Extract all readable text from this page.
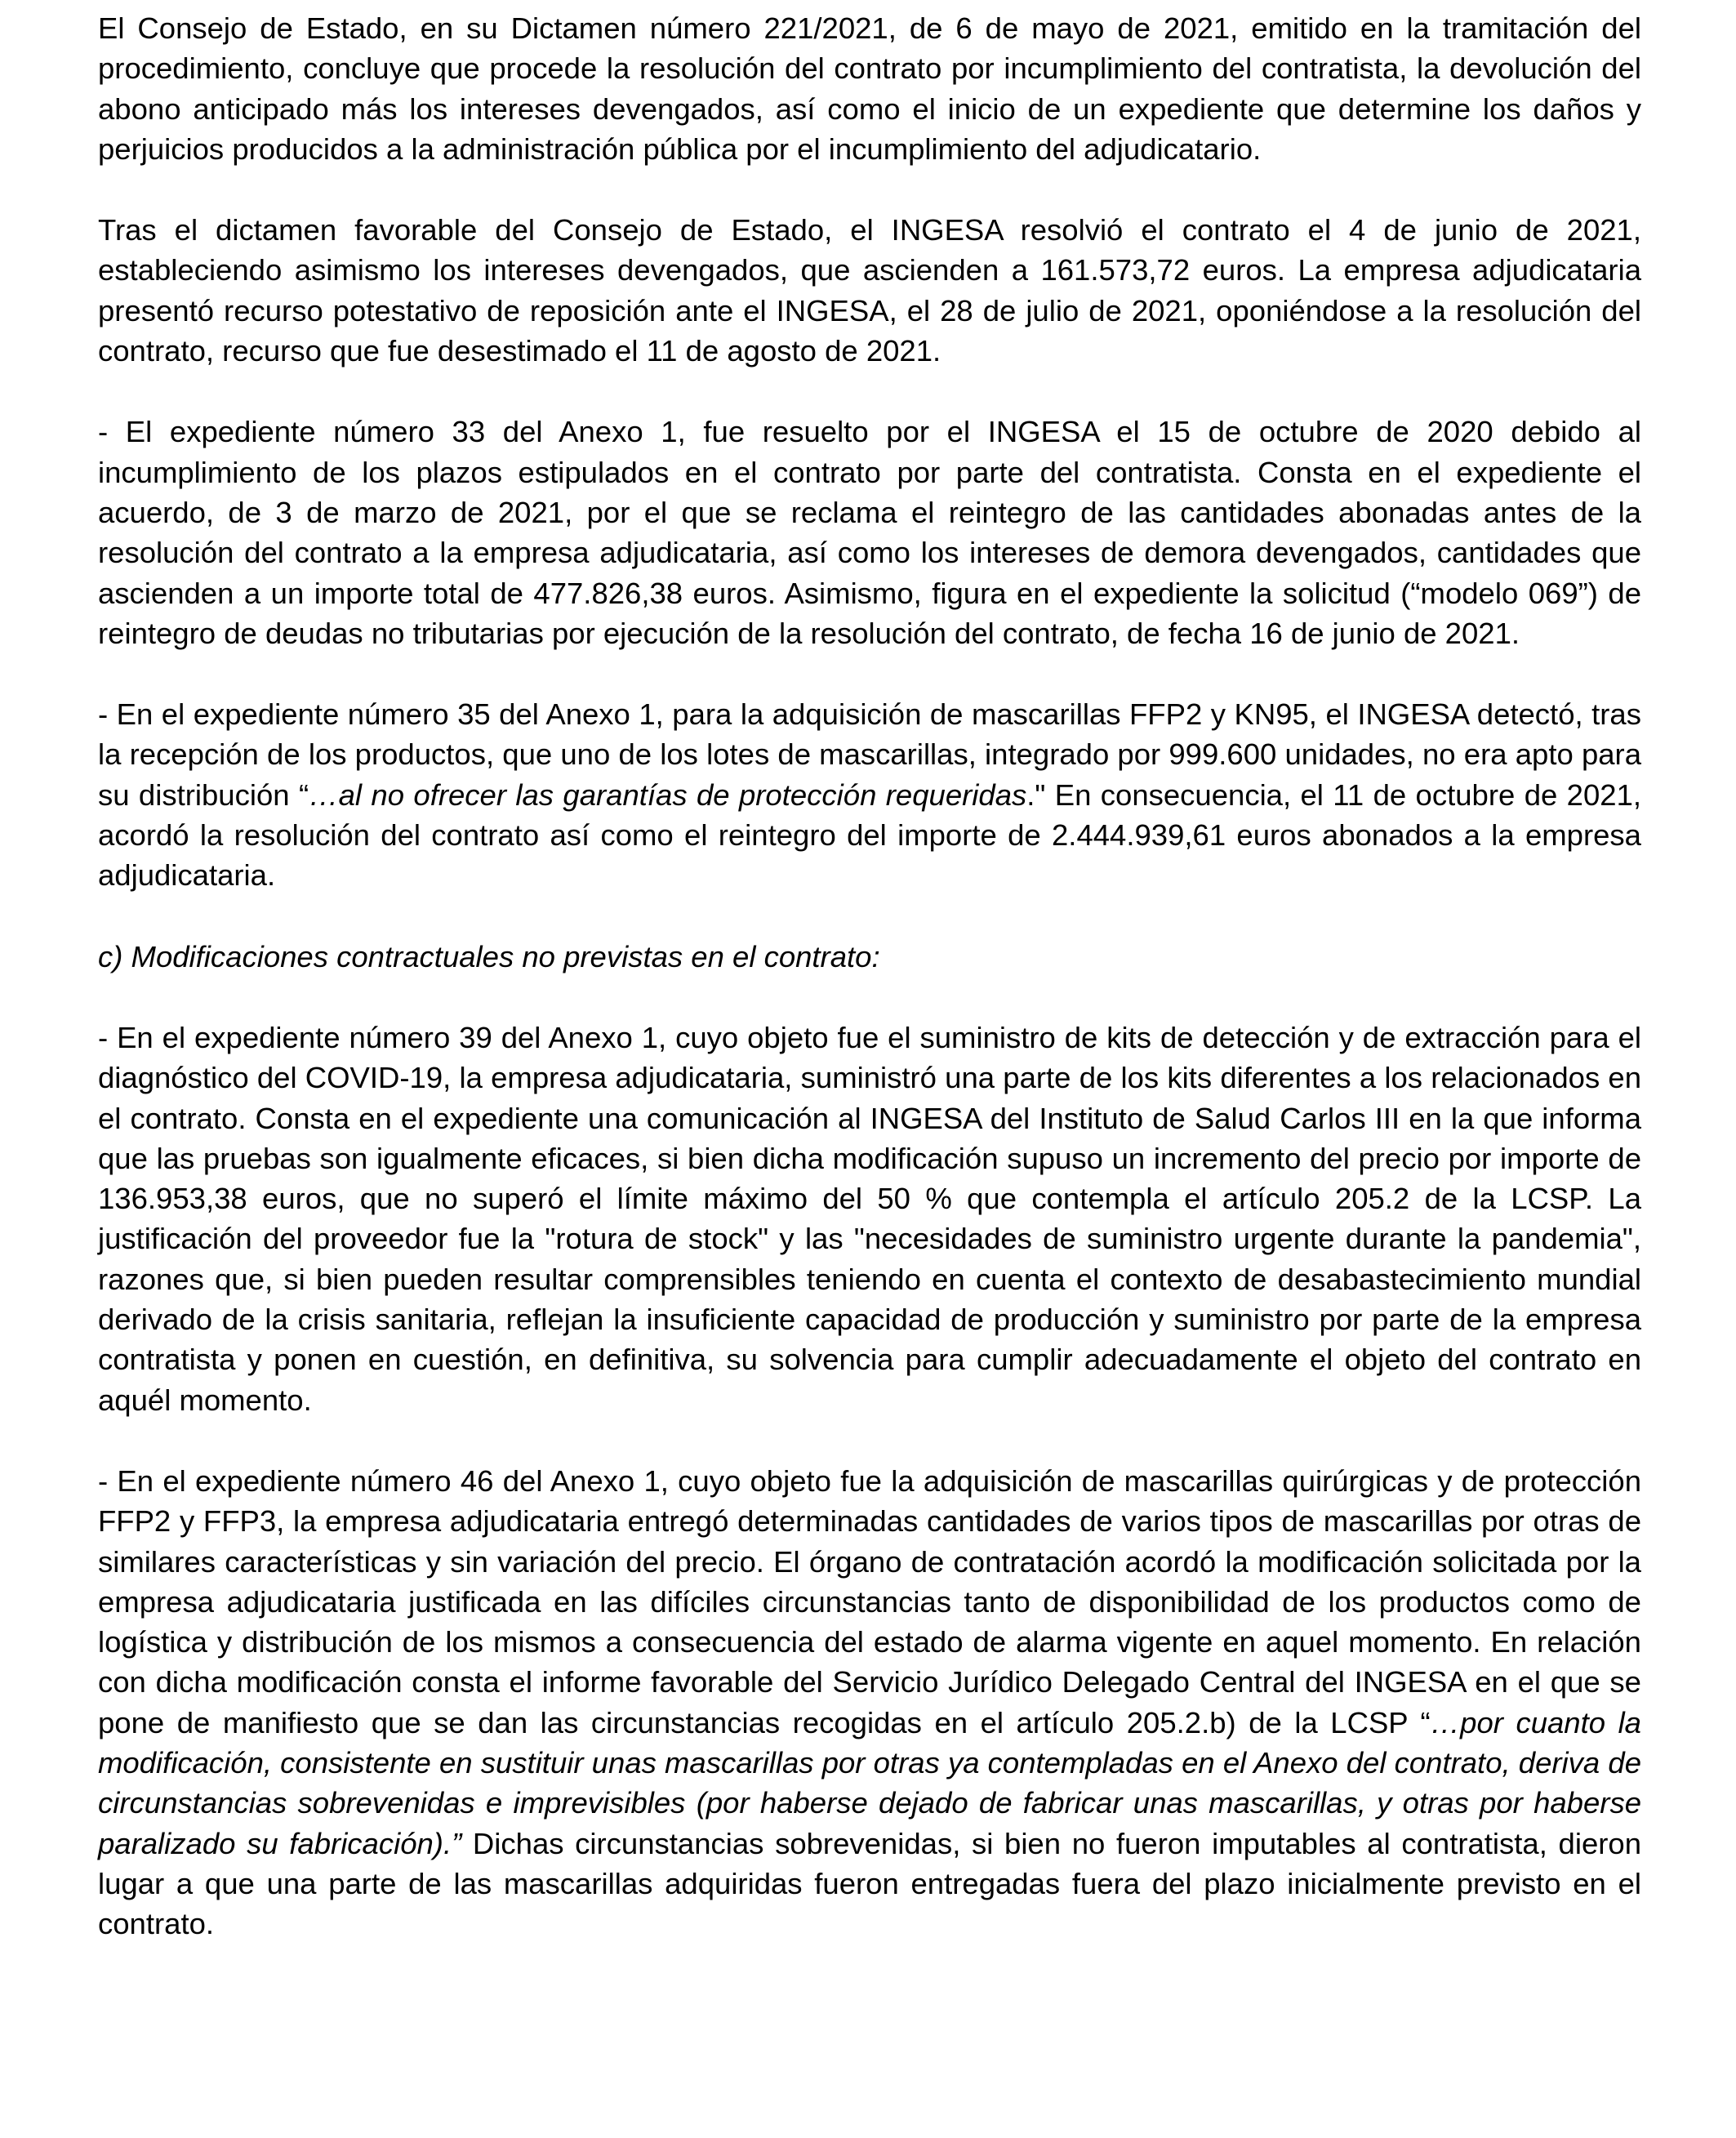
El Consejo de Estado, en su Dictamen número 221/2021, de 6 de mayo de 2021, emitido en la tramitación del procedimiento, concluye que procede la resolución del contrato por incumplimiento del contratista, la devolución del abono anticipado más los intereses devengados, así como el inicio de un expediente que determine los daños y perjuicios producidos a la administración pública por el incumplimiento del adjudicatario.

Tras el dictamen favorable del Consejo de Estado, el INGESA resolvió el contrato el 4 de junio de 2021, estableciendo asimismo los intereses devengados, que ascienden a 161.573,72 euros. La empresa adjudicataria presentó recurso potestativo de reposición ante el INGESA, el 28 de julio de 2021, oponiéndose a la resolución del contrato, recurso que fue desestimado el 11 de agosto de 2021.

- El expediente número 33 del Anexo 1, fue resuelto por el INGESA el 15 de octubre de 2020 debido al incumplimiento de los plazos estipulados en el contrato por parte del contratista. Consta en el expediente el acuerdo, de 3 de marzo de 2021, por el que se reclama el reintegro de las cantidades abonadas antes de la resolución del contrato a la empresa adjudicataria, así como los intereses de demora devengados, cantidades que ascienden a un importe total de 477.826,38 euros. Asimismo, figura en el expediente la solicitud (“modelo 069”) de reintegro de deudas no tributarias por ejecución de la resolución del contrato, de fecha 16 de junio de 2021.

- En el expediente número 35 del Anexo 1, para la adquisición de mascarillas FFP2 y KN95, el INGESA detectó, tras la recepción de los productos, que uno de los lotes de mascarillas, integrado por 999.600 unidades, no era apto para su distribución “…al no ofrecer las garantías de protección requeridas." En consecuencia, el 11 de octubre de 2021, acordó la resolución del contrato así como el reintegro del importe de 2.444.939,61 euros abonados a la empresa adjudicataria.

c) Modificaciones contractuales no previstas en el contrato:

- En el expediente número 39 del Anexo 1, cuyo objeto fue el suministro de kits de detección y de extracción para el diagnóstico del COVID-19, la empresa adjudicataria, suministró una parte de los kits diferentes a los relacionados en el contrato. Consta en el expediente una comunicación al INGESA del Instituto de Salud Carlos III en la que informa que las pruebas son igualmente eficaces, si bien dicha modificación supuso un incremento del precio por importe de 136.953,38 euros, que no superó el límite máximo del 50 % que contempla el artículo 205.2 de la LCSP. La justificación del proveedor fue la "rotura de stock" y las "necesidades de suministro urgente durante la pandemia", razones que, si bien pueden resultar comprensibles teniendo en cuenta el contexto de desabastecimiento mundial derivado de la crisis sanitaria, reflejan la insuficiente capacidad de producción y suministro por parte de la empresa contratista y ponen en cuestión, en definitiva, su solvencia para cumplir adecuadamente el objeto del contrato en aquél momento.

- En el expediente número 46 del Anexo 1, cuyo objeto fue la adquisición de mascarillas quirúrgicas y de protección FFP2 y FFP3, la empresa adjudicataria entregó determinadas cantidades de varios tipos de mascarillas por otras de similares características y sin variación del precio. El órgano de contratación acordó la modificación solicitada por la empresa adjudicataria justificada en las difíciles circunstancias tanto de disponibilidad de los productos como de logística y distribución de los mismos a consecuencia del estado de alarma vigente en aquel momento. En relación con dicha modificación consta el informe favorable del Servicio Jurídico Delegado Central del INGESA en el que se pone de manifiesto que se dan las circunstancias recogidas en el artículo 205.2.b) de la LCSP “…por cuanto la modificación, consistente en sustituir unas mascarillas por otras ya contempladas en el Anexo del contrato, deriva de circunstancias sobrevenidas e imprevisibles (por haberse dejado de fabricar unas mascarillas, y otras por haberse paralizado su fabricación).” Dichas circunstancias sobrevenidas, si bien no fueron imputables al contratista, dieron lugar a que una parte de las mascarillas adquiridas fueron entregadas fuera del plazo inicialmente previsto en el contrato.
